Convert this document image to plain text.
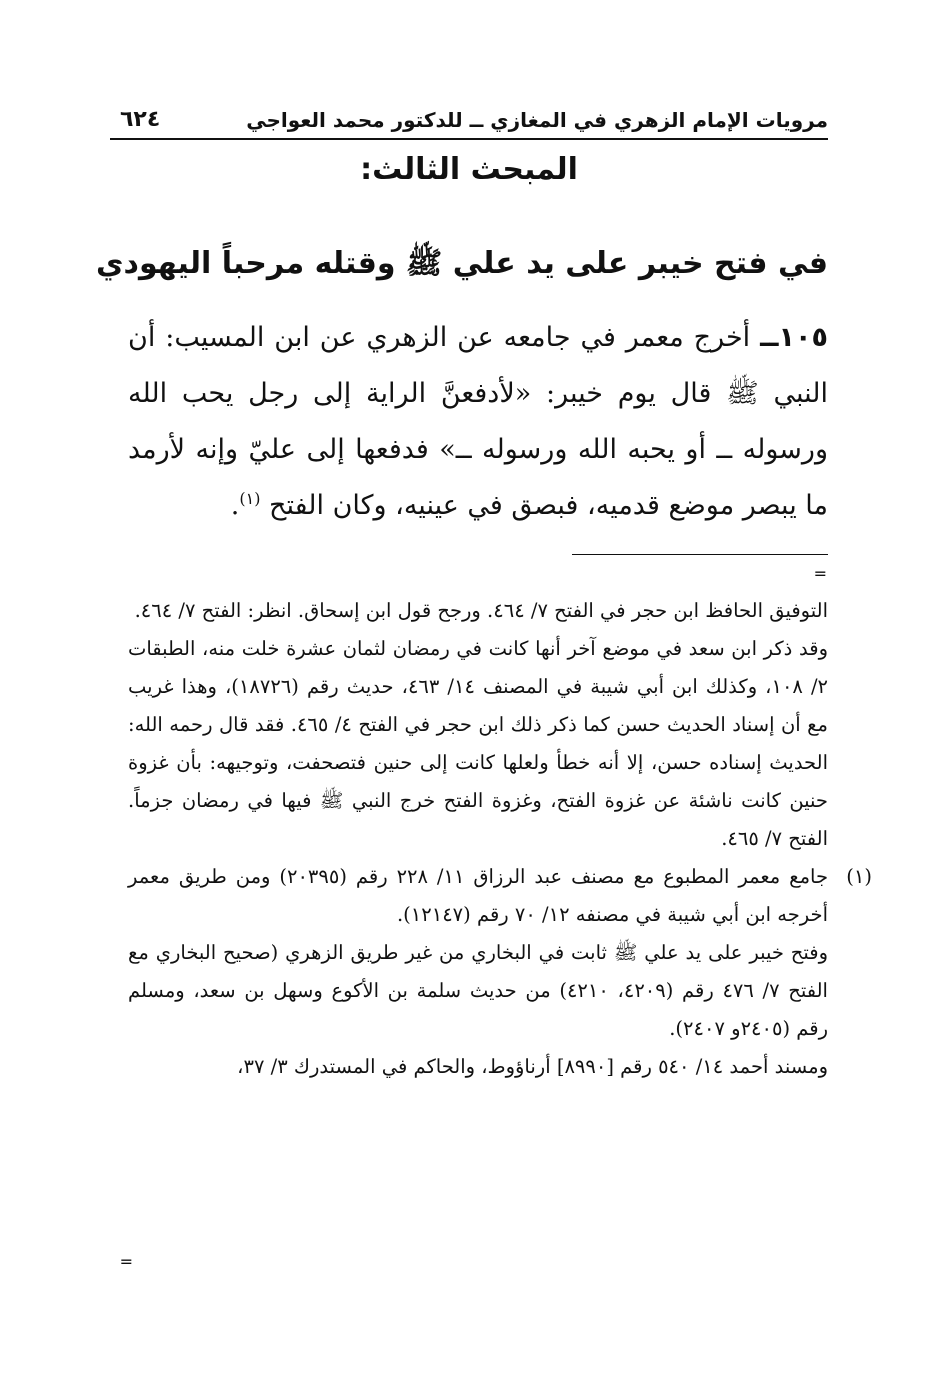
مرويات الإمام الزهري في المغازي ــ للدكتور محمد العواجي
٦٢٤
المبحث الثالث:
في فتح خيبر على يد علي ﷺ وقتله مرحباً اليهودي
١٠٥ــ أخرج معمر في جامعه عن الزهري عن ابن المسيب: أن النبي ﷺ قال يوم خيبر: «لأدفعنَّ الراية إلى رجل يحب الله ورسوله ــ أو يحبه الله ورسوله ــ» فدفعها إلى عليّ وإنه لأرمد ما يبصر موضع قدميه، فبصق في عينيه، وكان الفتح $^{(١)}$.
=

التوفيق الحافظ ابن حجر في الفتح ٧/ ٤٦٤. ورجح قول ابن إسحاق. انظر: الفتح ٧/ ٤٦٤.

وقد ذكر ابن سعد في موضع آخر أنها كانت في رمضان لثمان عشرة خلت منه، الطبقات ٢/ ١٠٨، وكذلك ابن أبي شيبة في المصنف ١٤/ ٤٦٣، حديث رقم (١٨٧٢٦)، وهذا غريب مع أن إسناد الحديث حسن كما ذكر ذلك ابن حجر في الفتح ٤/ ٤٦٥. فقد قال رحمه الله: الحديث إسناده حسن، إلا أنه خطأ ولعلها كانت إلى حنين فتصحفت، وتوجيهه: بأن غزوة حنين كانت ناشئة عن غزوة الفتح، وغزوة الفتح خرج النبي ﷺ فيها في رمضان جزماً. الفتح ٧/ ٤٦٥.

(١)
جامع معمر المطبوع مع مصنف عبد الرزاق ١١/ ٢٢٨ رقم (٢٠٣٩٥) ومن طريق معمر أخرجه ابن أبي شيبة في مصنفه ١٢/ ٧٠ رقم (١٢١٤٧).

وفتح خيبر على يد علي ﷺ ثابت في البخاري من غير طريق الزهري (صحيح البخاري مع الفتح ٧/ ٤٧٦ رقم (٤٢٠٩، ٤٢١٠) من حديث سلمة بن الأكوع وسهل بن سعد، ومسلم رقم (٢٤٠٥و ٢٤٠٧).

ومسند أحمد ١٤/ ٥٤٠ رقم [٨٩٩٠] أرناؤوط، والحاكم في المستدرك ٣/ ٣٧،

=
